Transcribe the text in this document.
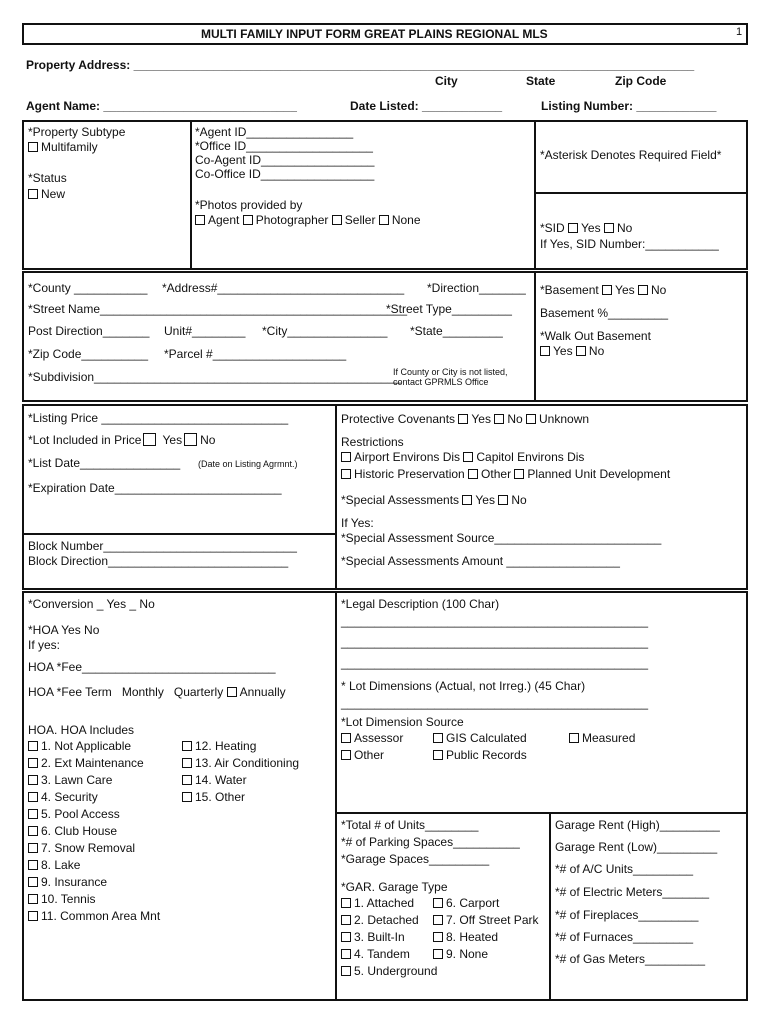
MULTI FAMILY INPUT FORM GREAT PLAINS REGIONAL MLS	1
Property Address: ____________________________________________________________________________________
City	State	Zip Code
Agent Name: _____________________________	Date Listed: ____________	Listing Number: ____________
*Property Subtype
Multifamily
*Status
New
*Agent ID________________
*Office ID___________________
Co-Agent ID_________________
Co-Office ID_________________
*Photos provided by
Agent Photographer Seller None
*Asterisk Denotes Required Field*
*SID Yes No
If Yes, SID Number:___________
*County ___________ *Address#____________________________ *Direction_______
*Street Name______________________________________________
*Street Type_________
Post Direction_______ Unit#________ *City_______________ *State_________
*Zip Code__________ *Parcel #____________________
*Subdivision______________________________________________
If County or City is not listed, contact GPRMLS Office
*Basement Yes No
Basement %_________
*Walk Out Basement
Yes No
*Listing Price ____________________________
*Lot Included in Price Yes No
*List Date_______________ (Date on Listing Agrmnt.)
*Expiration Date_________________________
Block Number_____________________________
Block Direction___________________________
Protective Covenants Yes No Unknown
Restrictions
Airport Environs Dis Capitol Environs Dis
Historic Preservation Other Planned Unit Development
*Special Assessments Yes No
If Yes:
*Special Assessment Source_________________________
*Special Assessments Amount _________________
*Conversion _ Yes _ No
*HOA Yes No
If yes:
HOA *Fee_____________________________
HOA *Fee Term Monthly Quarterly Annually
HOA. HOA Includes
1. Not Applicable
2. Ext Maintenance
3. Lawn Care
4. Security
5. Pool Access
6. Club House
7. Snow Removal
8. Lake
9. Insurance
10. Tennis
11. Common Area Mnt
12. Heating
13. Air Conditioning
14. Water
15. Other
*Legal Description (100 Char)
______________________________________________
______________________________________________
______________________________________________
* Lot Dimensions (Actual, not Irreg.) (45 Char)
______________________________________________
*Lot Dimension Source
Assessor	GIS Calculated	Measured
Other	Public Records
*Total # of Units________
*# of Parking Spaces__________
*Garage Spaces_________
*GAR. Garage Type
1. Attached
2. Detached
3. Built-In
4. Tandem
5. Underground
6. Carport
7. Off Street Park
8. Heated
9. None
Garage Rent (High)_________
Garage Rent (Low)_________
*# of A/C Units_________
*# of Electric Meters_______
*# of Fireplaces_________
*# of Furnaces_________
*# of Gas Meters_________
